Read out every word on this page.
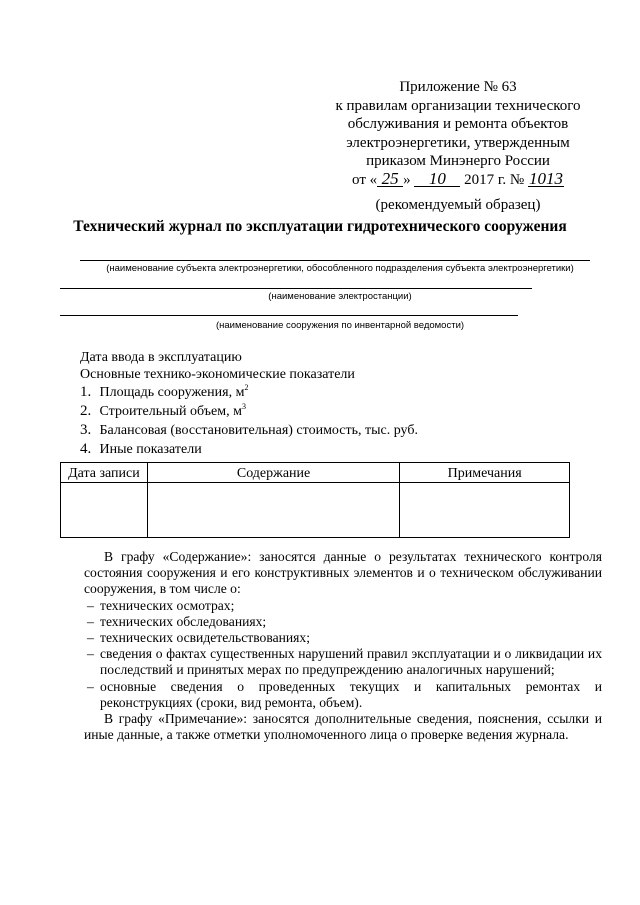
Приложение № 63
к правилам организации технического
обслуживания и ремонта объектов
электроэнергетики, утвержденным
приказом Минэнерго России
от « 25 » 10 2017 г. № 1013
(рекомендуемый образец)
Технический журнал по эксплуатации гидротехнического сооружения
(наименование субъекта электроэнергетики, обособленного подразделения субъекта электроэнергетики)
(наименование электростанции)
(наименование сооружения по инвентарной ведомости)
Дата ввода в эксплуатацию
Основные технико-экономические показатели
1. Площадь сооружения, $м^2$
2. Строительный объем, $м^3$
3. Балансовая (восстановительная) стоимость, тыс. руб.
4. Иные показатели
Дата записи	Содержание	Примечания

В графу «Содержание»: заносятся данные о результатах технического контроля состояния сооружения и его конструктивных элементов и о техническом обслуживании сооружения, в том числе о:

– технических осмотрах;
– технических обследованиях;
– технических освидетельствованиях;
– сведения о фактах существенных нарушений правил эксплуатации и о ликвидации их последствий и принятых мерах по предупреждению аналогичных нарушений;
– основные сведения о проведенных текущих и капитальных ремонтах и реконструкциях (сроки, вид ремонта, объем).

В графу «Примечание»: заносятся дополнительные сведения, пояснения, ссылки и иные данные, а также отметки уполномоченного лица о проверке ведения журнала.
